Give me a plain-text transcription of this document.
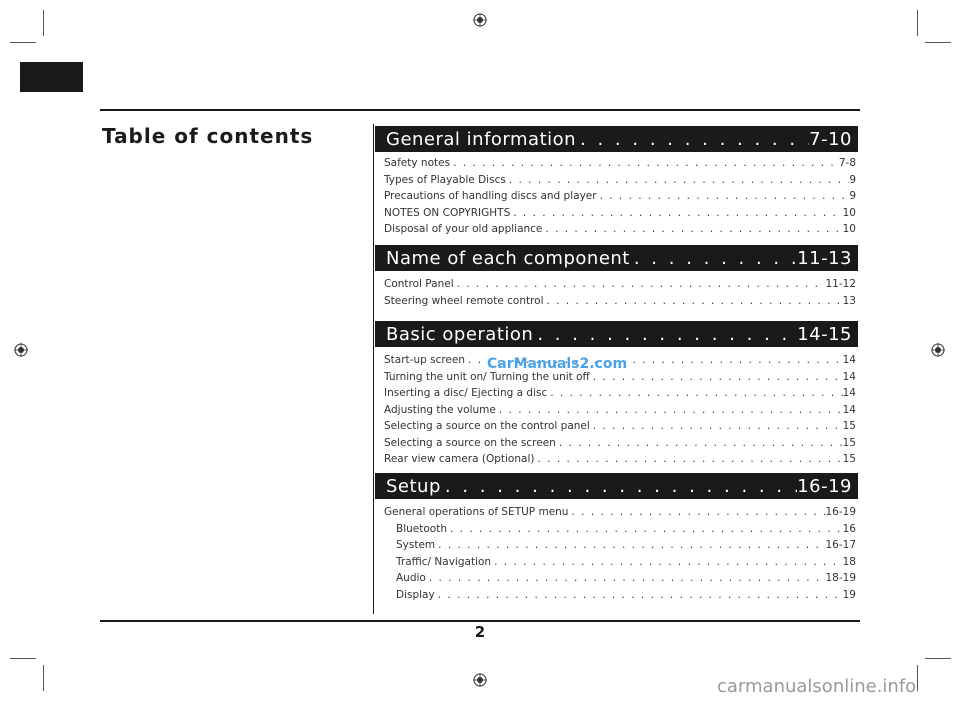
Table of contents	General information . . .	7-10
Safety notes . . .	7-8
Types of Playable Discs . . .	9
Precautions of handling discs and player . . .	9
NOTES ON COPYRIGHTS . . .	10
Disposal of your old appliance . . .	10
Name of each component . . .	11-13
Control Panel . . .	11-12
Steering wheel remote control . . .	13
Basic operation . . .	14-15
Start-up screen . . .	14
Turning the unit on/ Turning the unit off . . .	14
Inserting a disc/ Ejecting a disc . . .	14
Adjusting the volume . . .	14
Selecting a source on the control panel . . .	15
Selecting a source on the screen . . .	15
Rear view camera (Optional) . . .	15
Setup . . .	16-19
General operations of SETUP menu . . .	16-19
Bluetooth . . .	16
System . . .	16-17
Traffic/ Navigation . . .	18
Audio . . .	18-19
Display . . .	19
2
CarManuals2.com
carmanualsonline.info
